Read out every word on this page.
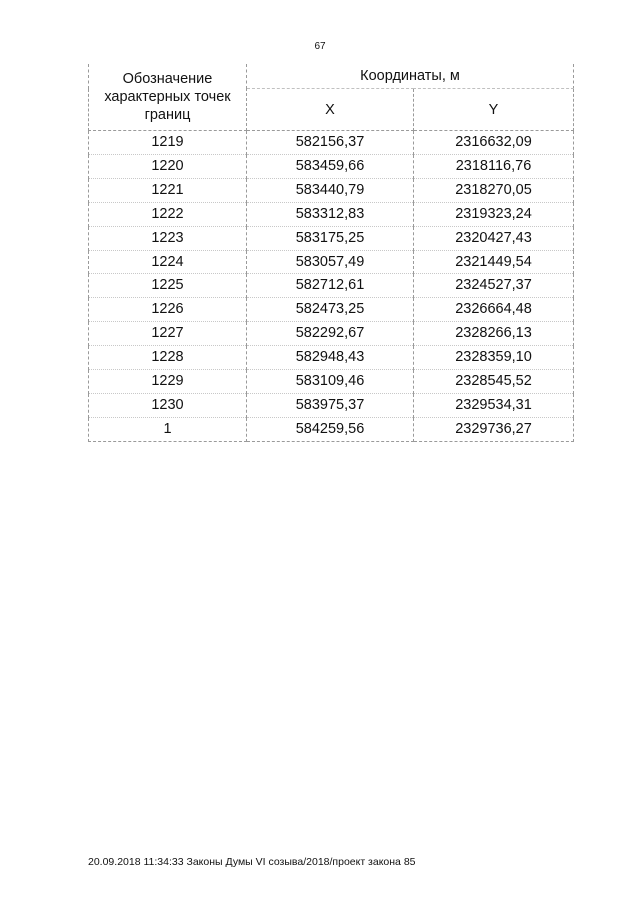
67
Обозначение характерных точек границ	Координаты, м	
	X	Y
1219	582156,37	2316632,09
1220	583459,66	2318116,76
1221	583440,79	2318270,05
1222	583312,83	2319323,24
1223	583175,25	2320427,43
1224	583057,49	2321449,54
1225	582712,61	2324527,37
1226	582473,25	2326664,48
1227	582292,67	2328266,13
1228	582948,43	2328359,10
1229	583109,46	2328545,52
1230	583975,37	2329534,31
1	584259,56	2329736,27
20.09.2018 11:34:33 Законы Думы VI созыва/2018/проект закона 85
